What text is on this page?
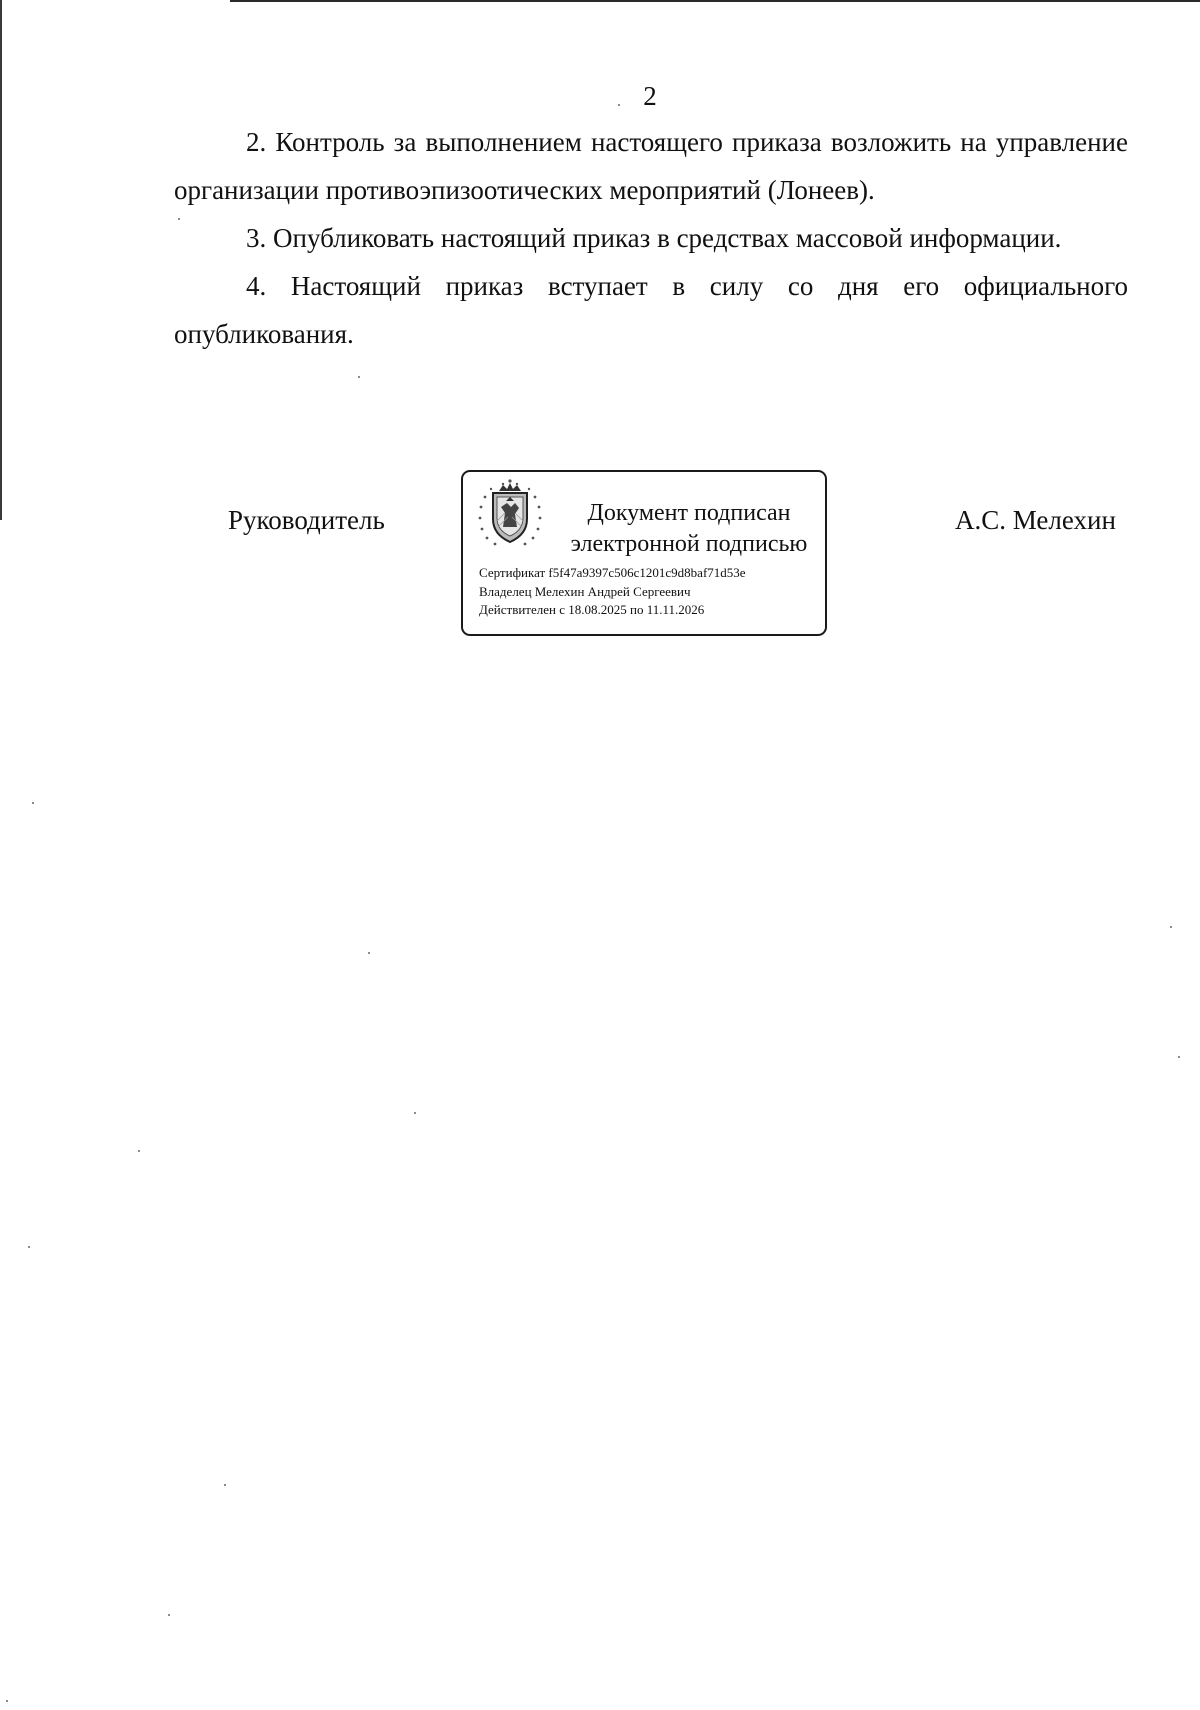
2

2. Контроль за выполнением настоящего приказа возложить на управление организации противоэпизоотических мероприятий (Лонеев).

3. Опубликовать настоящий приказ в средствах массовой информации.

4. Настоящий приказ вступает в силу со дня его официального опубликования.

Руководитель	Документ подписан
электронной подписью
Сертификат f5f47a9397c506c1201c9d8baf71d53e
Владелец Мелехин Андрей Сергеевич
Действителен с 18.08.2025 по 11.11.2026
А.С. Мелехин
